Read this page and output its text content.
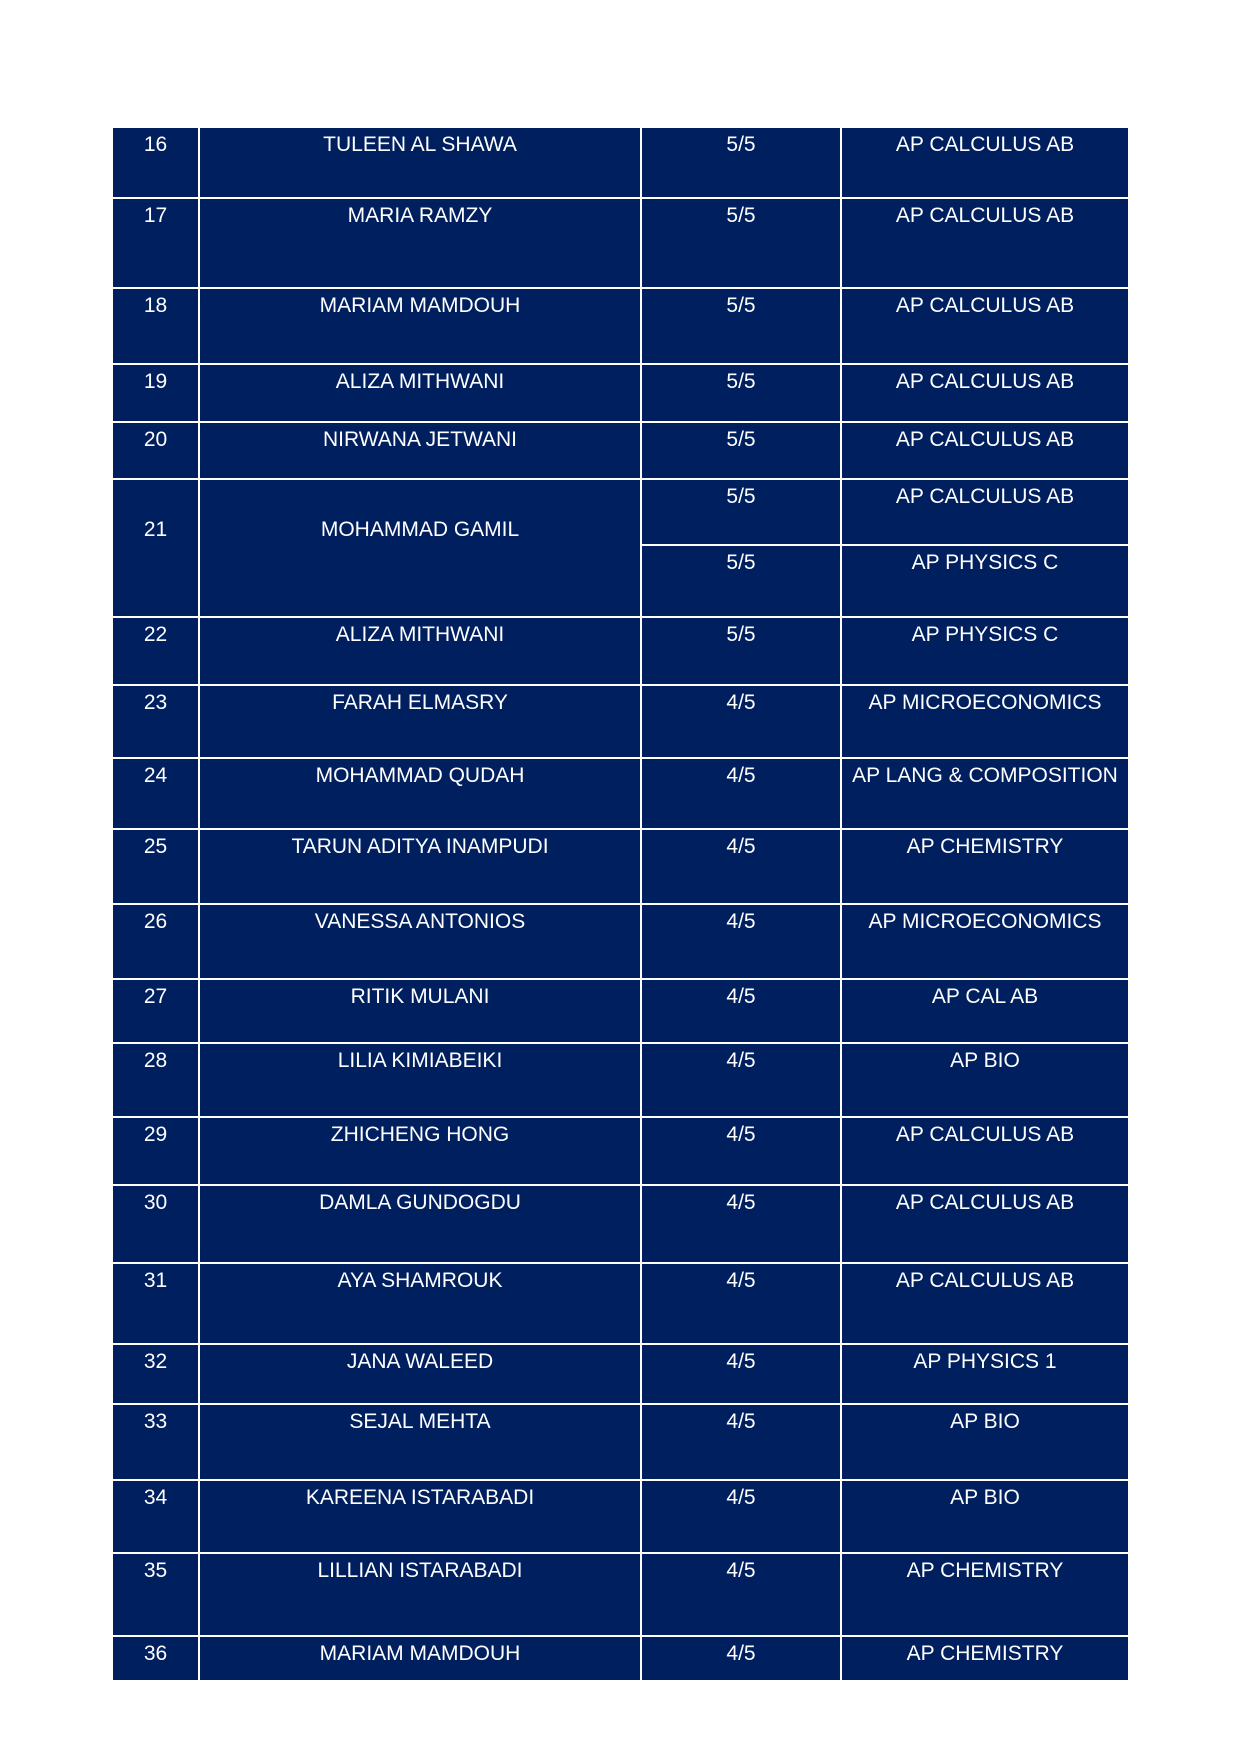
16	TULEEN AL SHAWA	5/5	AP CALCULUS AB
17	MARIA RAMZY	5/5	AP CALCULUS AB
18	MARIAM MAMDOUH	5/5	AP CALCULUS AB
19	ALIZA MITHWANI	5/5	AP CALCULUS AB
20	NIRWANA JETWANI	5/5	AP CALCULUS AB
21	MOHAMMAD GAMIL	5/5	AP CALCULUS AB
		5/5	AP PHYSICS C
22	ALIZA MITHWANI	5/5	AP PHYSICS C
23	FARAH ELMASRY	4/5	AP MICROECONOMICS
24	MOHAMMAD QUDAH	4/5	AP LANG & COMPOSITION
25	TARUN ADITYA INAMPUDI	4/5	AP CHEMISTRY
26	VANESSA ANTONIOS	4/5	AP MICROECONOMICS
27	RITIK MULANI	4/5	AP CAL AB
28	LILIA KIMIABEIKI	4/5	AP BIO
29	ZHICHENG HONG	4/5	AP CALCULUS AB
30	DAMLA GUNDOGDU	4/5	AP CALCULUS AB
31	AYA SHAMROUK	4/5	AP CALCULUS AB
32	JANA WALEED	4/5	AP PHYSICS 1
33	SEJAL MEHTA	4/5	AP BIO
34	KAREENA ISTARABADI	4/5	AP BIO
35	LILLIAN ISTARABADI	4/5	AP CHEMISTRY
36	MARIAM MAMDOUH	4/5	AP CHEMISTRY
